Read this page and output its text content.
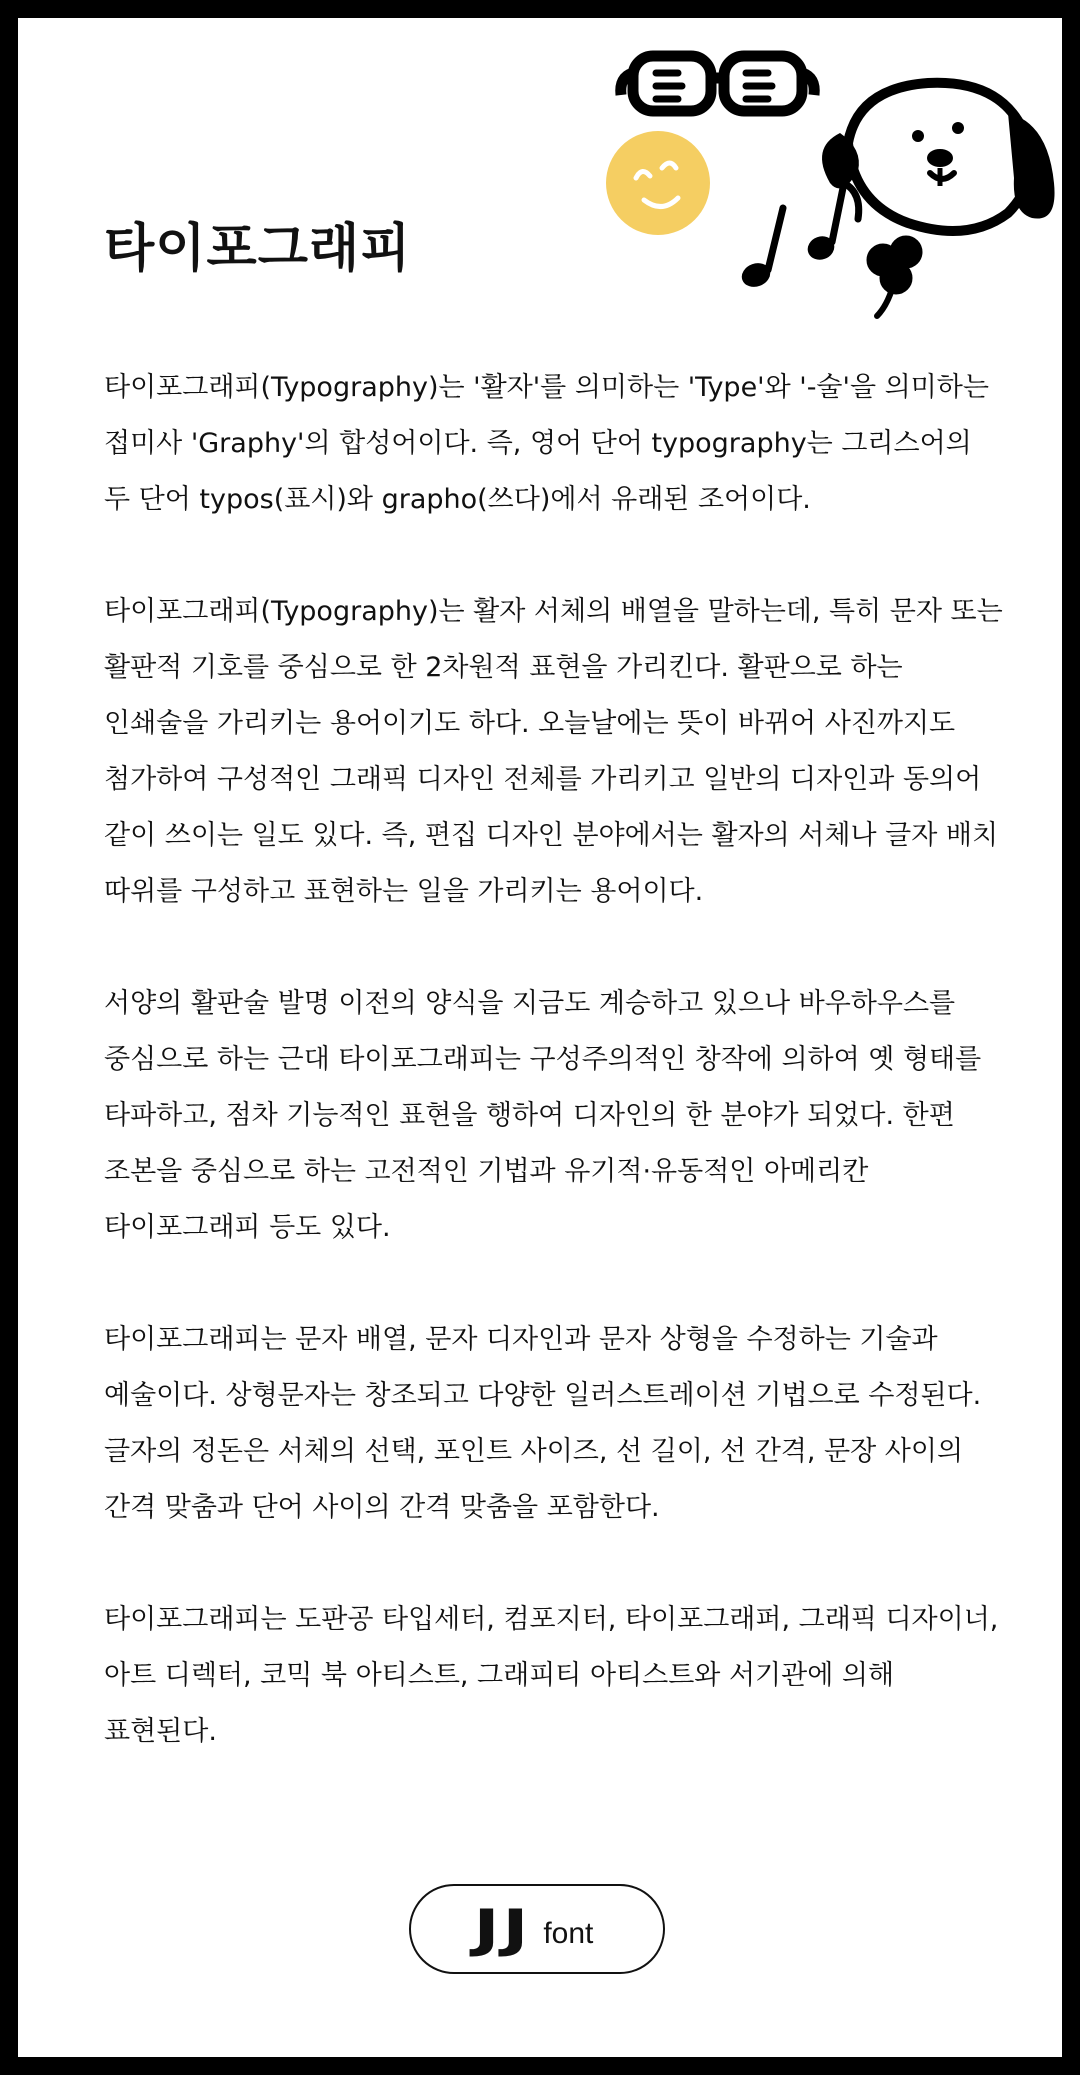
타이포그래피

타이포그래피(Typography)는 '활자'를 의미하는 'Type'와 '-술'을 의미하는 접미사 'Graphy'의 합성어이다. 즉, 영어 단어 typography는 그리스어의 두 단어 typos(표시)와 grapho(쓰다)에서 유래된 조어이다.

타이포그래피(Typography)는 활자 서체의 배열을 말하는데, 특히 문자 또는 활판적 기호를 중심으로 한 2차원적 표현을 가리킨다. 활판으로 하는 인쇄술을 가리키는 용어이기도 하다. 오늘날에는 뜻이 바뀌어 사진까지도 첨가하여 구성적인 그래픽 디자인 전체를 가리키고 일반의 디자인과 동의어 같이 쓰이는 일도 있다. 즉, 편집 디자인 분야에서는 활자의 서체나 글자 배치 따위를 구성하고 표현하는 일을 가리키는 용어이다.

서양의 활판술 발명 이전의 양식을 지금도 계승하고 있으나 바우하우스를 중심으로 하는 근대 타이포그래피는 구성주의적인 창작에 의하여 옛 형태를 타파하고, 점차 기능적인 표현을 행하여 디자인의 한 분야가 되었다. 한편 조본을 중심으로 하는 고전적인 기법과 유기적·유동적인 아메리칸 타이포그래피 등도 있다.

타이포그래피는 문자 배열, 문자 디자인과 문자 상형을 수정하는 기술과 예술이다. 상형문자는 창조되고 다양한 일러스트레이션 기법으로 수정된다. 글자의 정돈은 서체의 선택, 포인트 사이즈, 선 길이, 선 간격, 문장 사이의 간격 맞춤과 단어 사이의 간격 맞춤을 포함한다.

타이포그래피는 도판공 타입세터, 컴포지터, 타이포그래퍼, 그래픽 디자이너, 아트 디렉터, 코믹 북 아티스트, 그래피티 아티스트와 서기관에 의해 표현된다.

JJ font
